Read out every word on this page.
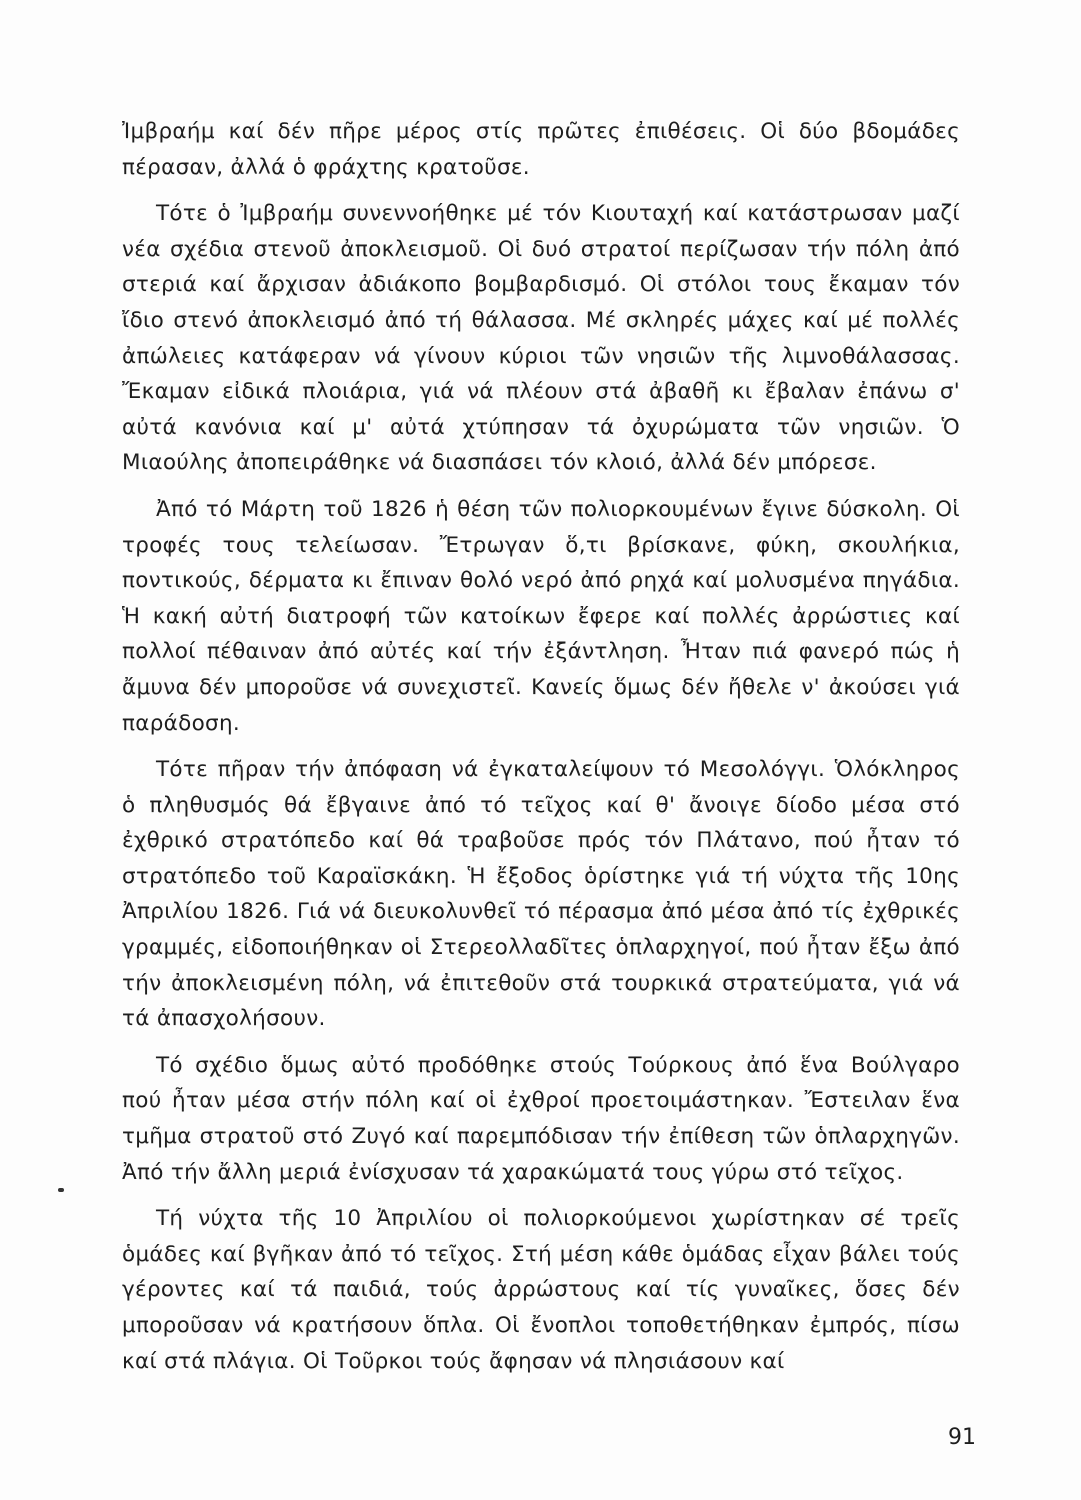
Ἰμβραήμ καί δέν πῆρε μέρος στίς πρῶτες ἐπιθέσεις. Οἱ δύο βδομάδες πέρασαν, ἀλλά ὁ φράχτης κρατοῦσε.

Τότε ὁ Ἰμβραήμ συνεννοήθηκε μέ τόν Κιουταχή καί κατάστρωσαν μαζί νέα σχέδια στενοῦ ἀποκλεισμοῦ. Οἱ δυό στρατοί περίζωσαν τήν πόλη ἀπό στεριά καί ἄρχισαν ἀδιάκοπο βομβαρδισμό. Οἱ στόλοι τους ἔκαμαν τόν ἴδιο στενό ἀποκλεισμό ἀπό τή θάλασσα. Μέ σκληρές μάχες καί μέ πολλές ἀπώλειες κατάφεραν νά γίνουν κύριοι τῶν νησιῶν τῆς λιμνοθάλασσας. Ἔκαμαν εἰδικά πλοιάρια, γιά νά πλέουν στά ἀβαθῆ κι ἔβαλαν ἐπάνω σ' αὐτά κανόνια καί μ' αὐτά χτύπησαν τά ὀχυρώματα τῶν νησιῶν. Ὁ Μιαούλης ἀποπειράθηκε νά διασπάσει τόν κλοιό, ἀλλά δέν μπόρεσε.

Ἀπό τό Μάρτη τοῦ 1826 ἡ θέση τῶν πολιορκουμένων ἔγινε δύσκολη. Οἱ τροφές τους τελείωσαν. Ἔτρωγαν ὅ,τι βρίσκανε, φύκη, σκουλήκια, ποντικούς, δέρματα κι ἔπιναν θολό νερό ἀπό ρηχά καί μολυσμένα πηγάδια. Ἡ κακή αὐτή διατροφή τῶν κατοίκων ἔφερε καί πολλές ἀρρώστιες καί πολλοί πέθαιναν ἀπό αὐτές καί τήν ἐξάντληση. Ἦταν πιά φανερό πώς ἡ ἄμυνα δέν μποροῦσε νά συνεχιστεῖ. Κανείς ὅμως δέν ἤθελε ν' ἀκούσει γιά παράδοση.

Τότε πῆραν τήν ἀπόφαση νά ἐγκαταλείψουν τό Μεσολόγγι. Ὁλόκληρος ὁ πληθυσμός θά ἔβγαινε ἀπό τό τεῖχος καί θ' ἄνοιγε δίοδο μέσα στό ἐχθρικό στρατόπεδο καί θά τραβοῦσε πρός τόν Πλάτανο, πού ἦταν τό στρατόπεδο τοῦ Καραϊσκάκη. Ἡ ἔξοδος ὁρίστηκε γιά τή νύχτα τῆς 10ης Ἀπριλίου 1826. Γιά νά διευκολυνθεῖ τό πέρασμα ἀπό μέσα ἀπό τίς ἐχθρικές γραμμές, εἰδοποιήθηκαν οἱ Στερεολλαδῖτες ὁπλαρχηγοί, πού ἦταν ἔξω ἀπό τήν ἀποκλεισμένη πόλη, νά ἐπιτεθοῦν στά τουρκικά στρατεύματα, γιά νά τά ἀπασχολήσουν.

Τό σχέδιο ὅμως αὐτό προδόθηκε στούς Τούρκους ἀπό ἕνα Βούλγαρο πού ἦταν μέσα στήν πόλη καί οἱ ἐχθροί προετοιμάστηκαν. Ἔστειλαν ἕνα τμῆμα στρατοῦ στό Ζυγό καί παρεμπόδισαν τήν ἐπίθεση τῶν ὁπλαρχηγῶν. Ἀπό τήν ἄλλη μεριά ἐνίσχυσαν τά χαρακώματά τους γύρω στό τεῖχος.

Τή νύχτα τῆς 10 Ἀπριλίου οἱ πολιορκούμενοι χωρίστηκαν σέ τρεῖς ὁμάδες καί βγῆκαν ἀπό τό τεῖχος. Στή μέση κάθε ὁμάδας εἶχαν βάλει τούς γέροντες καί τά παιδιά, τούς ἀρρώστους καί τίς γυναῖκες, ὅσες δέν μποροῦσαν νά κρατήσουν ὅπλα. Οἱ ἔνοπλοι τοποθετήθηκαν ἐμπρός, πίσω καί στά πλάγια. Οἱ Τοῦρκοι τούς ἄφησαν νά πλησιάσουν καί

91
